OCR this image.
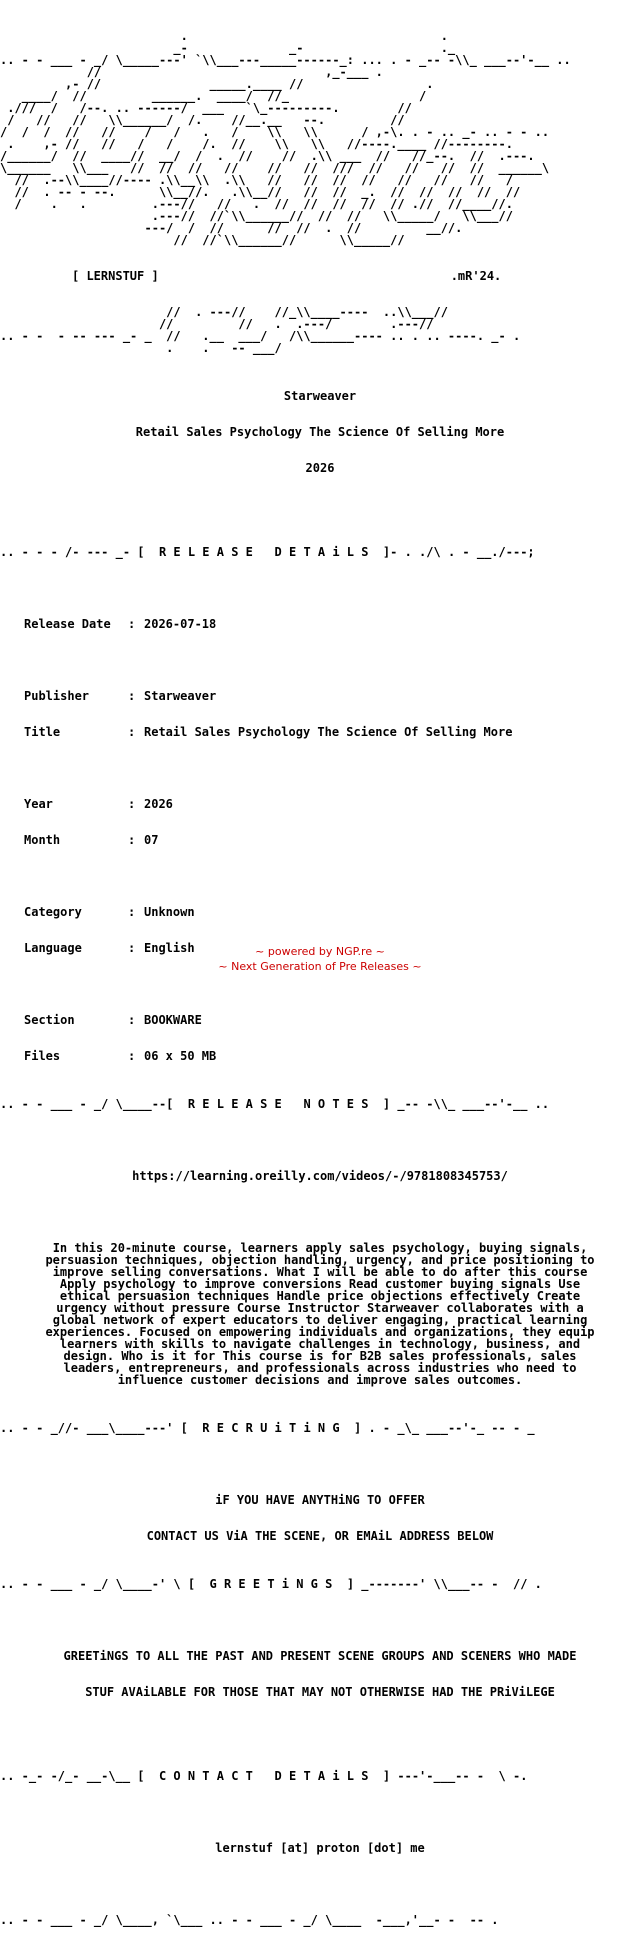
.                                   .
_-              _-                   ._
.. - - ___ - _/ \_____---' `\\___---_____------_: ... . - _-- -\\_ ___--'-__ ..
//                               ,_-___ .
,- //               _____.____ //                 .
____/  //         ______.  ____/  //_                  /
.///  /   /--. .. ------/  ___   `\_---------.        //
/   //   //   \\______/  /.    //__.__   --.         //
/  /  /  //   //    /   /   .   /    \\   \\      / ,-\. . - .. _- .. - - ..
.    ,- //   //   /   /    /.  //    \\   \\   //----.____ //--------.
/______/  //  ____//  __/  /  .  //    //  .\\ ___  //   //_--.  //  .---.
\______   \\___   //  //  //   //    //   //  ///  //   //   //  //  ______\
//  .--\\____//---- .\\__\\  .\\   //   //  //  //   //   //   //   /
//  . -- - --.      \\__//.   .\\__//   //  //  _.  //  //  //  //  //
/    .   .         .---//   //   .  //  //  //  //  // .//  //____//.
.---//  //`\\______//  //  //   \\_____/   \\___//
---/  /  //      //  //  .  //         __//.
//  //`\\______//      \\_____//

[ LERNSTUF ]	.mR'24.

//  . ---//    //_\\____----  ..\\___//
//         //   .  .---/        .---//
.. - -  - -- --- _- _  //   .__  ___/   /\\______---- .. . .. ----. _- .
.    .   -- ___/

Starweaver

Retail Sales Psychology The Science Of Selling More

2026

.. - - - /- --- _- [ R E L E A S E   D E T A i L S ]- . ./\ . - __./---;

Release Date : 2026-07-18

Publisher	: Starweaver

Title	: Retail Sales Psychology The Science Of Selling More

Year	: 2026

Month	: 07

Category	: Unknown

Language	: English

Section	: BOOKWARE

Files	: 06 x 50 MB

.. - - ___ - _/ \____--[ R E L E A S E   N O T E S ] _-- -\\_ ___--'-__ ..

https://learning.oreilly.com/videos/-/9781808345753/

In this 20-minute course, learners apply sales psychology, buying signals,
persuasion techniques, objection handling, urgency, and price positioning to
improve selling conversations. What I will be able to do after this course
Apply psychology to improve conversions Read customer buying signals Use
ethical persuasion techniques Handle price objections effectively Create
urgency without pressure Course Instructor Starweaver collaborates with a
global network of expert educators to deliver engaging, practical learning
experiences. Focused on empowering individuals and organizations, they equip
learners with skills to navigate challenges in technology, business, and
design. Who is it for This course is for B2B sales professionals, sales
leaders, entrepreneurs, and professionals across industries who need to
influence customer decisions and improve sales outcomes.

.. - - _//- ___\____---' [ R E C R U i T i N G ] . - _\_ ___--'-_ -- - _

iF YOU HAVE ANYTHiNG TO OFFER

CONTACT US ViA THE SCENE, OR EMAiL ADDRESS BELOW

.. - - ___ - _/ \____-' \ [ G R E E T i N G S ] _-------' \\___-- -  // .

GREETiNGS TO ALL THE PAST AND PRESENT SCENE GROUPS AND SCENERS WHO MADE

STUF AVAiLABLE FOR THOSE THAT MAY NOT OTHERWISE HAD THE PRiViLEGE

.. -_- -/_- __-\__ [ C O N T A C T   D E T A i L S ] ---'-___-- -  \ -.

lernstuf [at] proton [dot] me

.. - - ___ - _/ \____, `\___ .. - - ___ - _/ \____  -___,'__- -  -- .

~ powered by NGP.re ~
~ Next Generation of Pre Releases ~
